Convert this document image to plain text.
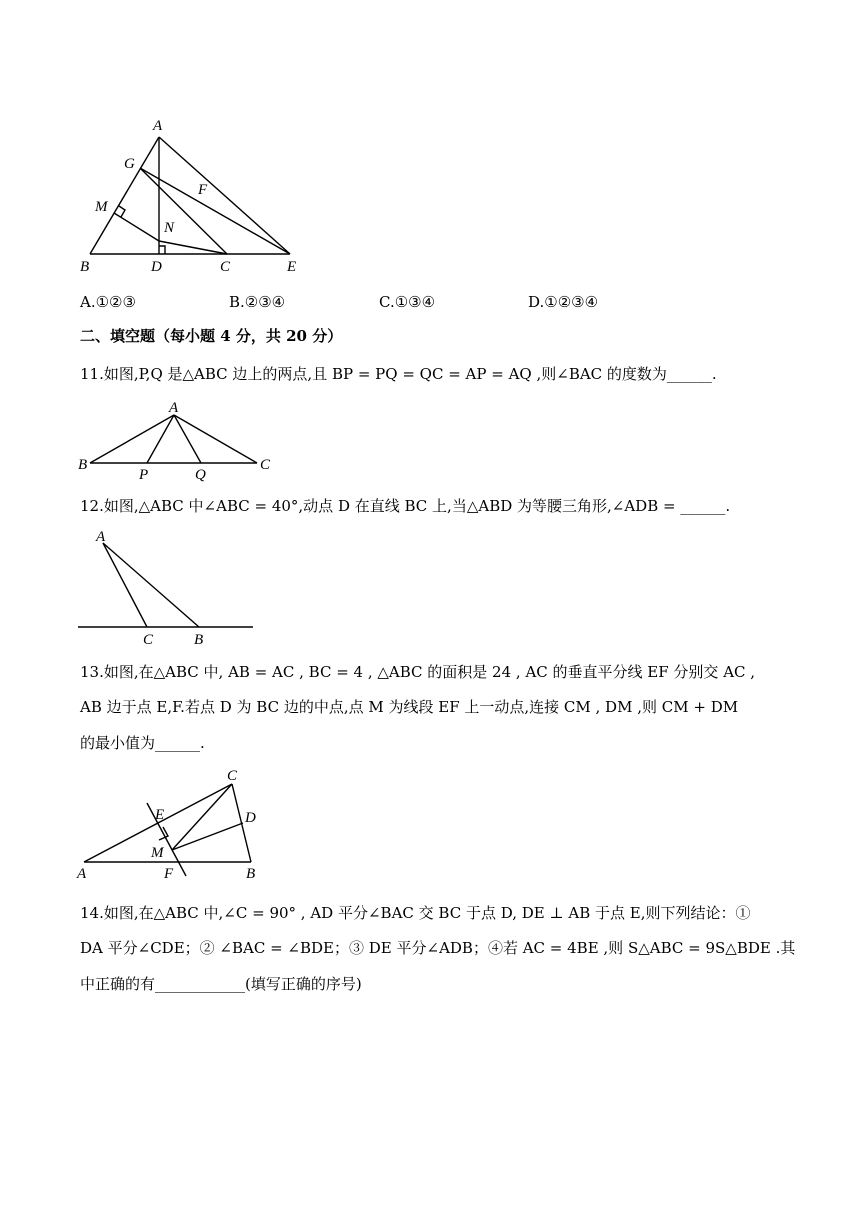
A
G
F
M
N
B	D	C	E
A.①②③	B.②③④	C.①③④	D.①②③④
二、填空题（每小题 4 分，共 20 分）
11.如图,P,Q 是△ABC 边上的两点,且 BP = PQ = QC = AP = AQ ,则∠BAC 的度数为______.
A
B
P	Q
C
12.如图,△ABC 中∠ABC = 40°,动点 D 在直线 BC 上,当△ABD 为等腰三角形,∠ADB = ______.
A
C	B
13.如图,在△ABC 中, AB = AC , BC = 4 , △ABC 的面积是 24 , AC 的垂直平分线 EF 分别交 AC ,
AB 边于点 E,F.若点 D 为 BC 边的中点,点 M 为线段 EF 上一动点,连接 CM , DM ,则 CM + DM
的最小值为______.
C
E	D
M
A	F	B
14.如图,在△ABC 中,∠C = 90° , AD 平分∠BAC 交 BC 于点 D, DE ⊥ AB 于点 E,则下列结论：①
DA 平分∠CDE；② ∠BAC = ∠BDE；③ DE 平分∠ADB；④若 AC = 4BE ,则 S△ABC = 9S△BDE .其
中正确的有____________(填写正确的序号)
